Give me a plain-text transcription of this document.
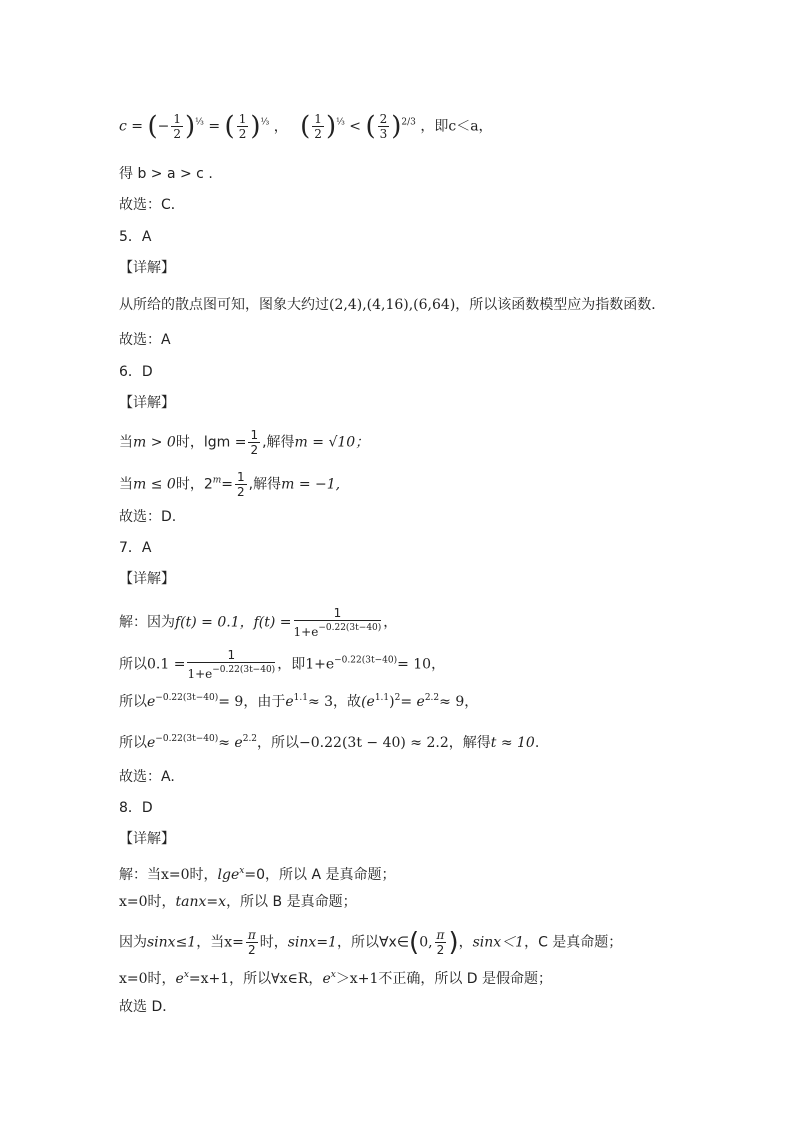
c = (− $\frac{1}{2} )^{\frac{1}{3}}$ = ( $\frac{1}{2} )^{\frac{1}{3}}$ ， ( $\frac{1}{2} )^{\frac{1}{3}}$ < ( $\frac{2}{3} )^{2/3}$ ，即c＜a，
得 b > a > c .
故选：C．
5．A
【详解】
从所给的散点图可知，图象大约过(2,4),(4,16),(6,64)，所以该函数模型应为指数函数．
故选：A
6．D
【详解】
当m > 0时，$\lg m = \frac{1}{2}$ ,解得m = √10；
当m ≤ 0时，$2^m= \frac{1}{2}$ ,解得m = −1,
故选：D.
7．A
【详解】
解：因为f(t) = 0.1，$f(t) = \frac{1}{1+e^{-0.22(3t-40)}}$ ，
所以$0.1 = \frac{1}{1+e^{-0.22(3t-40)}}$ ，即$1+e^{-0.22(3t-40)}= 10$，
所以$e^{-0.22(3t-40)}= 9$，由于$e^{1.1}\approx 3$，故$(e^{1.1})^2= e^{2.2}\approx 9$，
所以$e^{-0.22(3t-40)}\approx e^{2.2}$，所以−0.22(3t − 40) ≈ 2.2，解得t ≈ 10.
故选：A.
8．D
【详解】
解：当x=0时，lge$^x$=0，所以 A 是真命题；
x=0时，tanx=x，所以 B 是真命题；
因为sinx≤1，当$x= \frac{\pi}{2}$ 时，sinx=1，所以∀x∈(0, $\frac{\pi}{2}$ )，sinx＜1，C 是真命题；
x=0时，$e^x=x+1$，所以∀x∈R，$e^x>x+1$不正确，所以 D 是假命题；
故选 D．
